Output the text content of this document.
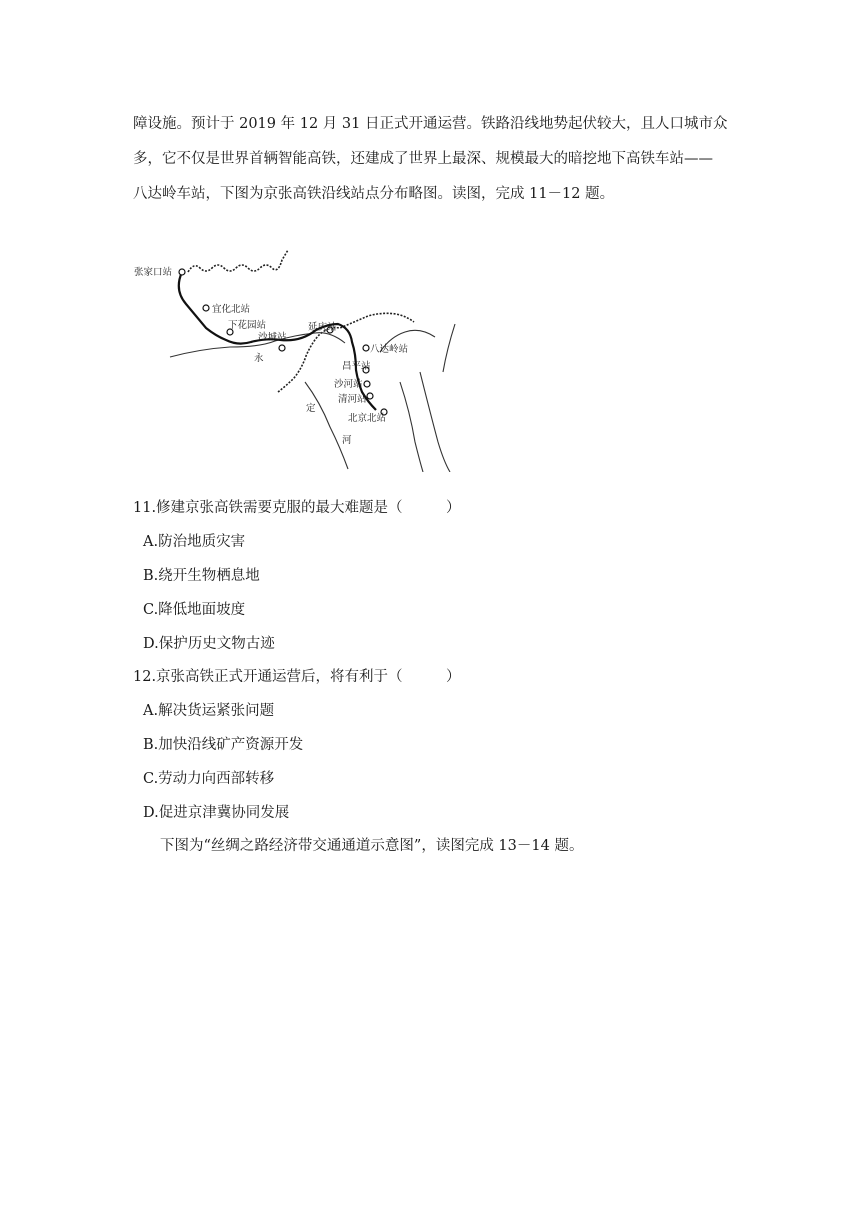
障设施。预计于 2019 年 12 月 31 日正式开通运营。铁路沿线地势起伏较大，且人口城市众
多，它不仅是世界首辆智能高铁，还建成了世界上最深、规模最大的暗挖地下高铁车站——
八达岭车站，下图为京张高铁沿线站点分布略图。读图，完成 11－12 题。
张家口站
宜化北站
下花园站
沙城站
延庆站
八达岭站
昌平站
沙河站
清河站
北京北站
永
定
河
11.修建京张高铁需要克服的最大难题是（　　　）
A.防治地质灾害
B.绕开生物栖息地
C.降低地面坡度
D.保护历史文物古迹
12.京张高铁正式开通运营后，将有利于（　　　）
A.解决货运紧张问题
B.加快沿线矿产资源开发
C.劳动力向西部转移
D.促进京津冀协同发展
下图为“丝绸之路经济带交通通道示意图”，读图完成 13－14 题。
